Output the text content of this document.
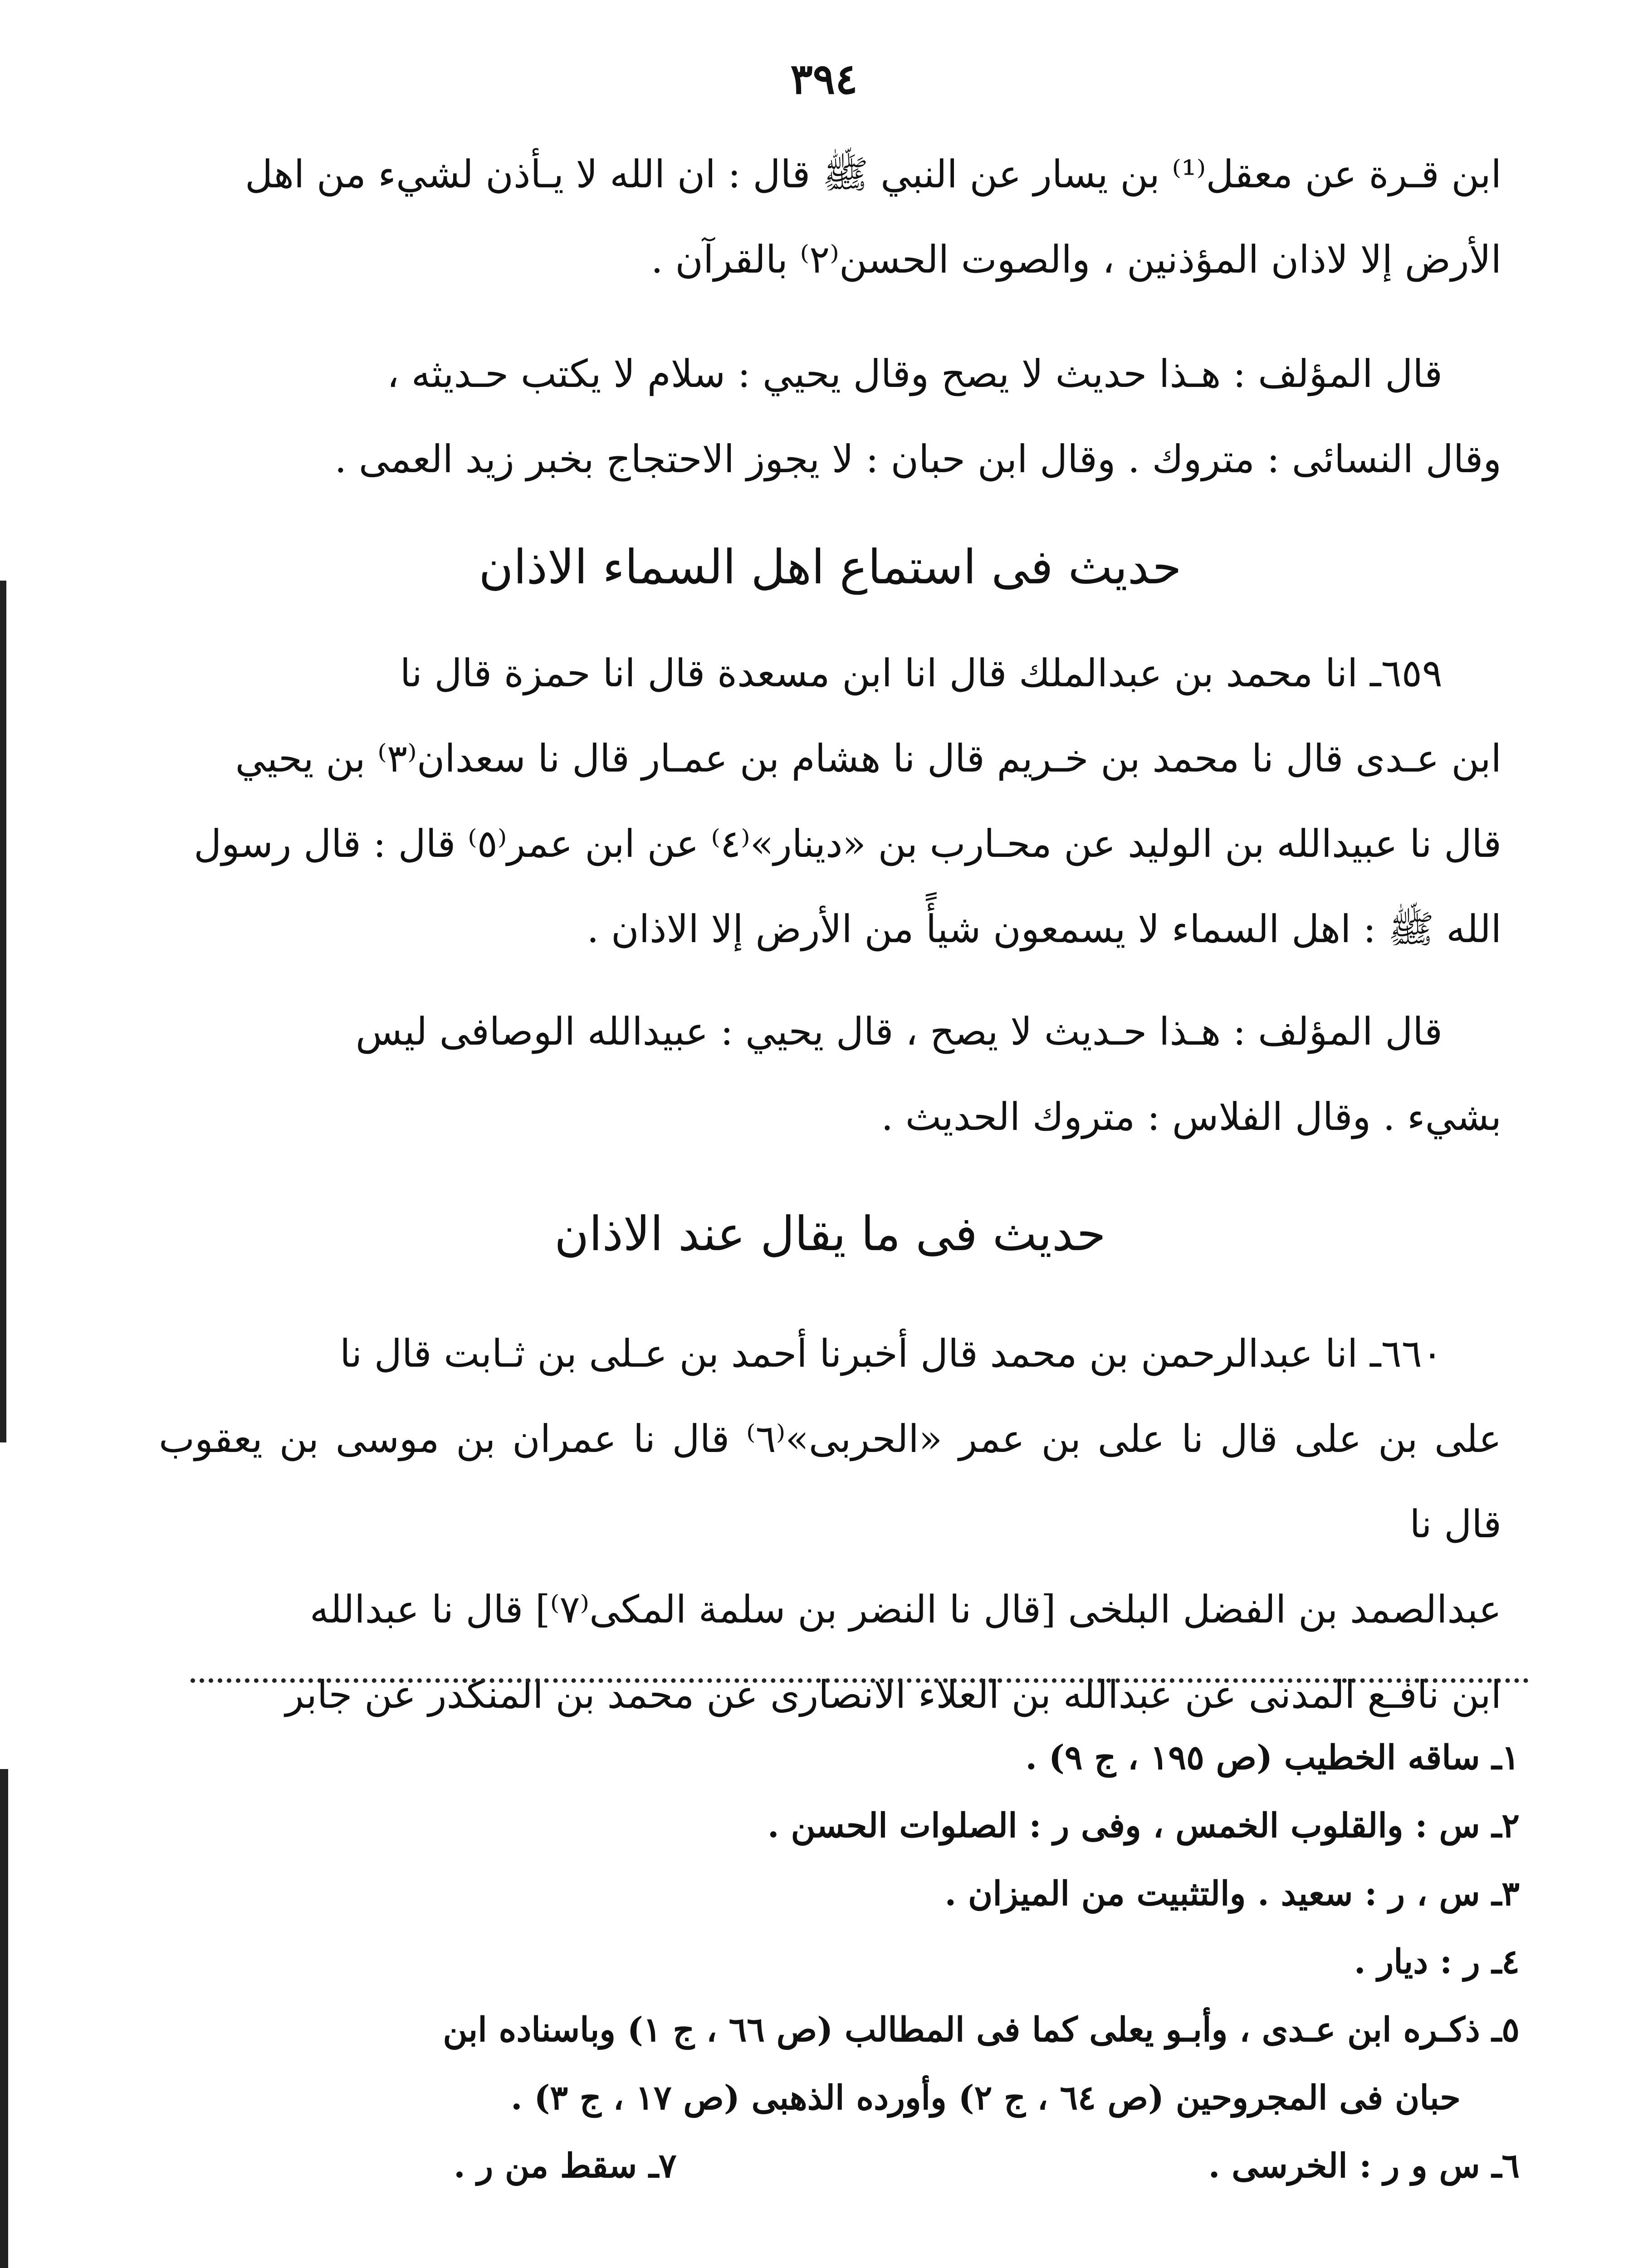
٣٩٤

ابن قـرة عن معقل⁽¹⁾ بن يسار عن النبي ﷺ قال : ان الله لا يـأذن لشيء من اهل

الأرض إلا لاذان المؤذنين ، والصوت الحسن⁽٢⁾ بالقرآن .

قال المؤلف : هـذا حديث لا يصح وقال يحيي : سلام لا يكتب حـديثه ،

وقال النسائى : متروك . وقال ابن حبان : لا يجوز الاحتجاج بخبر زيد العمى .

حديث فى استماع اهل السماء الاذان

٦٥٩ـ انا محمد بن عبدالملك قال انا ابن مسعدة قال انا حمزة قال نا

ابن عـدى قال نا محمد بن خـريم قال نا هشام بن عمـار قال نا سعدان⁽٣⁾ بن يحيي

قال نا عبيدالله بن الوليد عن محـارب بن «دينار»⁽٤⁾ عن ابن عمر⁽٥⁾ قال : قال رسول

الله ﷺ : اهل السماء لا يسمعون شيأً من الأرض إلا الاذان .

قال المؤلف : هـذا حـديث لا يصح ، قال يحيي : عبيدالله الوصافى ليس

بشيء . وقال الفلاس : متروك الحديث .

حديث فى ما يقال عند الاذان

٦٦٠ـ انا عبدالرحمن بن محمد قال أخبرنا أحمد بن عـلى بن ثـابت قال نا

على بن على قال نا على بن عمر «الحربى»⁽٦⁾ قال نا عمران بن موسى بن يعقوب قال نا

عبدالصمد بن الفضل البلخى [قال نا النضر بن سلمة المكى⁽٧⁾] قال نا عبدالله

ابن نافـع المدنى عن عبدالله بن العلاء الانصارى عن محمد بن المنكدر عن جابر

١ـ ساقه الخطيب (ص ١٩٥ ، ج ٩) .

٢ـ س : والقلوب الخمس ، وفى ر : الصلوات الحسن .

٣ـ س ، ر : سعيد . والتثبيت من الميزان .

٤ـ ر : ديار .

٥ـ ذكـره ابن عـدى ، وأبـو يعلى كما فى المطالب (ص ٦٦ ، ج ١) وباسناده ابن

حبان فى المجروحين (ص ٦٤ ، ج ٢) وأورده الذهبى (ص ١٧ ، ج ٣) .

٦ـ س و ر : الخرسى .
٧ـ سقط من ر .
